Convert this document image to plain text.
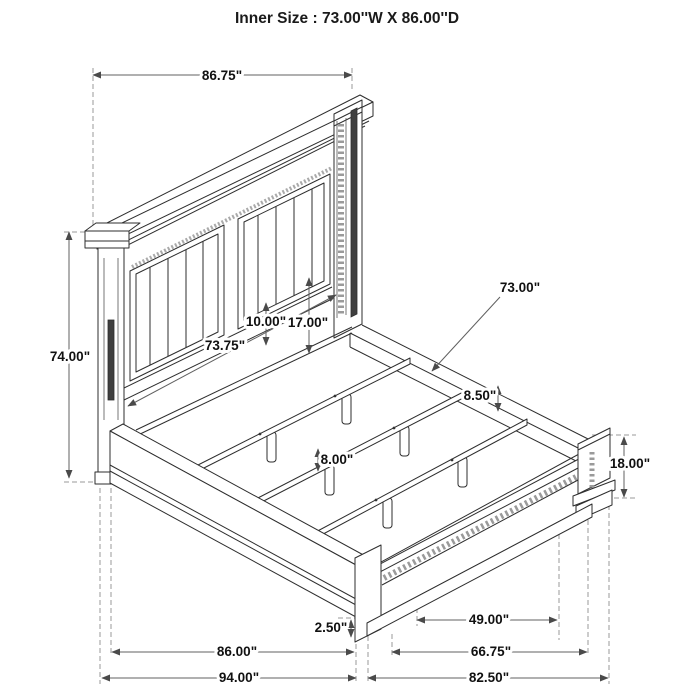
Inner Size : 73.00''W X 86.00''D
86.75"
74.00"
10.00" 17.00"
73.75"
73.00"
8.50"
8.00"	18.00"
2.50"
49.00"
86.00"	66.75"
94.00"	82.50"
